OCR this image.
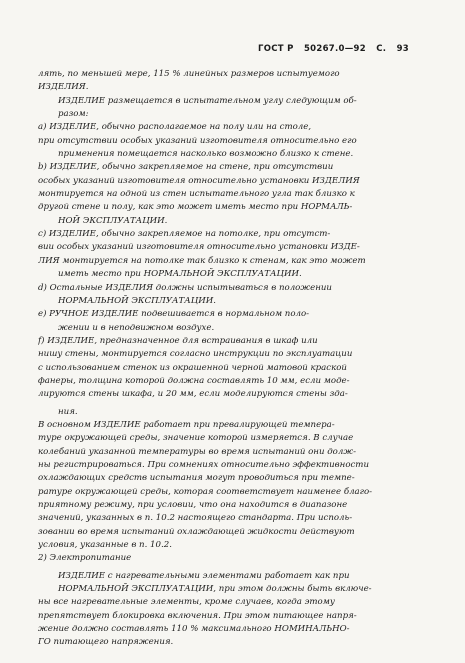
ГОСТ Р 50267.0—92 С. 93
лять, по меньшей мере, 115 % линейных размеров испытуемого
ИЗДЕЛИЯ.
ИЗДЕЛИЕ размещается в испытательном углу следующим об-
разом:
а) ИЗДЕЛИЕ, обычно располагаемое на полу или на столе,
при отсутствии особых указаний изготовителя относительно его
применения помещается насколько возможно близко к стене.
b) ИЗДЕЛИЕ, обычно закрепляемое на стене, при отсутствии
особых указаний изготовителя относительно установки ИЗДЕЛИЯ
монтируется на одной из стен испытательного угла так близко к
другой стене и полу, как это может иметь место при НОРМАЛЬ-
НОЙ ЭКСПЛУАТАЦИИ.
с) ИЗДЕЛИЕ, обычно закрепляемое на потолке, при отсутст-
вии особых указаний изготовителя относительно установки ИЗДЕ-
ЛИЯ монтируется на потолке так близко к стенам, как это может
иметь место при НОРМАЛЬНОЙ ЭКСПЛУАТАЦИИ.
d) Остальные ИЗДЕЛИЯ должны испытываться в положении
НОРМАЛЬНОЙ ЭКСПЛУАТАЦИИ.
е) РУЧНОЕ ИЗДЕЛИЕ подвешивается в нормальном поло-
жении и в неподвижном воздухе.
f) ИЗДЕЛИЕ, предназначенное для встраивания в шкаф или
нишу стены, монтируется согласно инструкции по эксплуатации
с использованием стенок из окрашенной черной матовой краской
фанеры, толщина которой должна составлять 10 мм, если моде-
лируются стены шкафа, и 20 мм, если моделируются стены зда-
ния.
В основном ИЗДЕЛИЕ работает при превалирующей темпера-
туре окружающей среды, значение которой измеряется. В случае
колебаний указанной температуры во время испытаний они долж-
ны регистрироваться. При сомнениях относительно эффективности
охлаждающих средств испытания могут проводиться при темпе-
ратуре окружающей среды, которая соответствует наименее благо-
приятному режиму, при условии, что она находится в диапазоне
значений, указанных в п. 10.2 настоящего стандарта. При исполь-
зовании во время испытаний охлаждающей жидкости действуют
условия, указанные в п. 10.2.
2) Электропитание
ИЗДЕЛИЕ с нагревательными элементами работает как при
НОРМАЛЬНОЙ ЭКСПЛУАТАЦИИ, при этом должны быть включе-
ны все нагревательные элементы, кроме случаев, когда этому
препятствует блокировка включения. При этом питающее напря-
жение должно составлять 110 % максимального НОМИНАЛЬНО-
ГО питающего напряжения.
